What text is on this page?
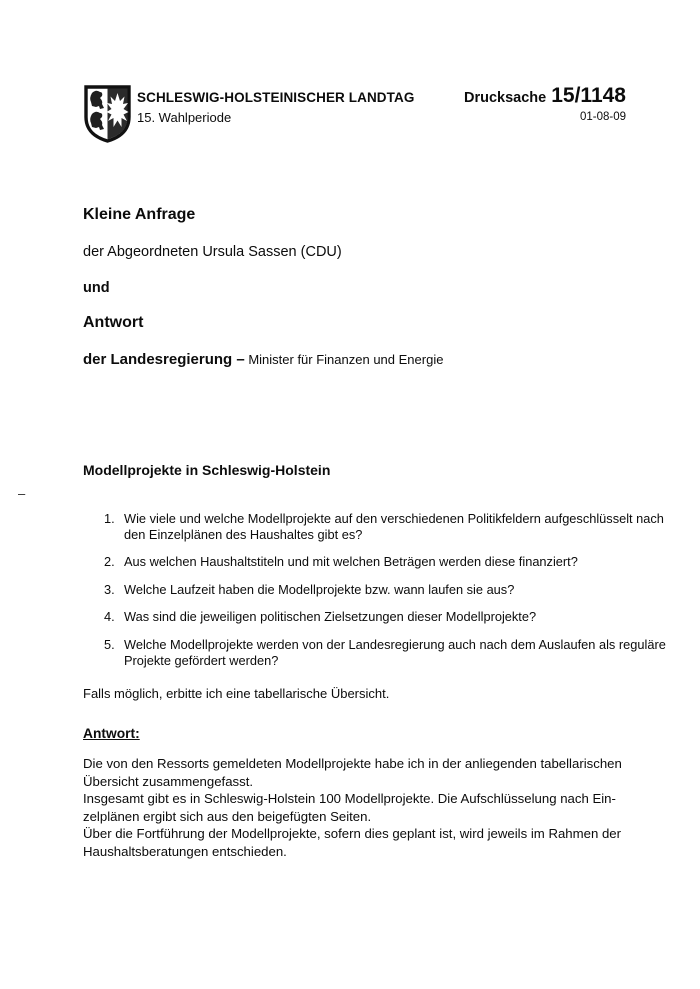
–
SCHLESWIG-HOLSTEINISCHER LANDTAG
15. Wahlperiode
Drucksache 15/1148
01-08-09
Kleine Anfrage
der Abgeordneten Ursula Sassen (CDU)
und
Antwort
der Landesregierung – Minister für Finanzen und Energie
Modellprojekte in Schleswig-Holstein
1. Wie viele und welche Modellprojekte auf den verschiedenen Politikfeldern aufgeschlüsselt nach
den Einzelplänen des Haushaltes gibt es?
2. Aus welchen Haushaltstiteln und mit welchen Beträgen werden diese finanziert?
3. Welche Laufzeit haben die Modellprojekte bzw. wann laufen sie aus?
4. Was sind die jeweiligen politischen Zielsetzungen dieser Modellprojekte?
5. Welche Modellprojekte werden von der Landesregierung auch nach dem Auslaufen als reguläre
Projekte gefördert werden?
Falls möglich, erbitte ich eine tabellarische Übersicht.
Antwort:
Die von den Ressorts gemeldeten Modellprojekte habe ich in der anliegenden tabellarischen
Übersicht zusammengefasst.
Insgesamt gibt es in Schleswig-Holstein 100 Modellprojekte. Die Aufschlüsselung nach Ein-
zelplänen ergibt sich aus den beigefügten Seiten.
Über die Fortführung der Modellprojekte, sofern dies geplant ist, wird jeweils im Rahmen der
Haushaltsberatungen entschieden.
